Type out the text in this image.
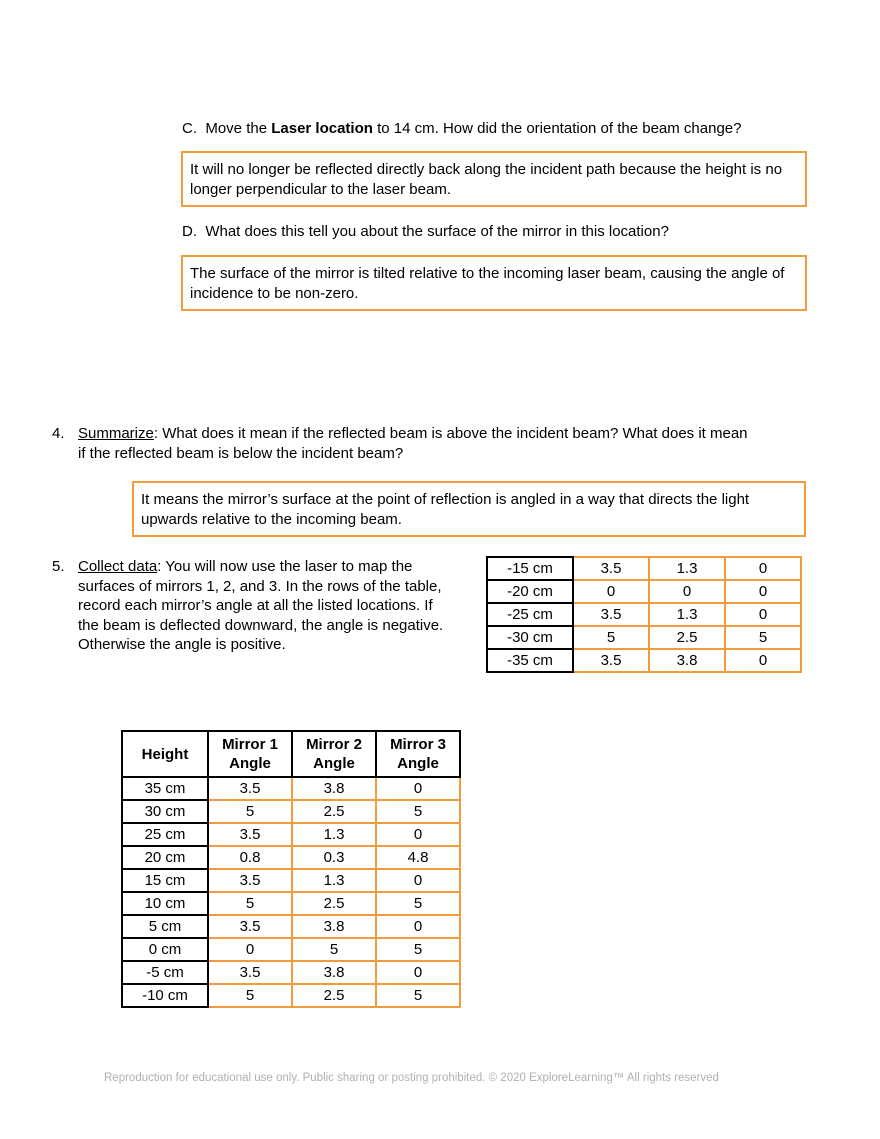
C. Move the Laser location to 14 cm. How did the orientation of the beam change?
It will no longer be reflected directly back along the incident path because the height is no longer perpendicular to the laser beam.
D. What does this tell you about the surface of the mirror in this location?
The surface of the mirror is tilted relative to the incoming laser beam, causing the angle of incidence to be non-zero.
4. Summarize: What does it mean if the reflected beam is above the incident beam? What does it mean if the reflected beam is below the incident beam?
It means the mirror’s surface at the point of reflection is angled in a way that directs the light upwards relative to the incoming beam.
5. Collect data: You will now use the laser to map the surfaces of mirrors 1, 2, and 3. In the rows of the table, record each mirror’s angle at all the listed locations. If the beam is deflected downward, the angle is negative. Otherwise the angle is positive.
-15 cm	3.5	1.3	0
-20 cm	0	0	0
-25 cm	3.5	1.3	0
-30 cm	5	2.5	5
-35 cm	3.5	3.8	0
Height	Mirror 1 Angle	Mirror 2 Angle	Mirror 3 Angle
35 cm	3.5	3.8	0
30 cm	5	2.5	5
25 cm	3.5	1.3	0
20 cm	0.8	0.3	4.8
15 cm	3.5	1.3	0
10 cm	5	2.5	5
5 cm	3.5	3.8	0
0 cm	0	5	5
-5 cm	3.5	3.8	0
-10 cm	5	2.5	5
Reproduction for educational use only. Public sharing or posting prohibited. © 2020 ExploreLearning™ All rights reserved
